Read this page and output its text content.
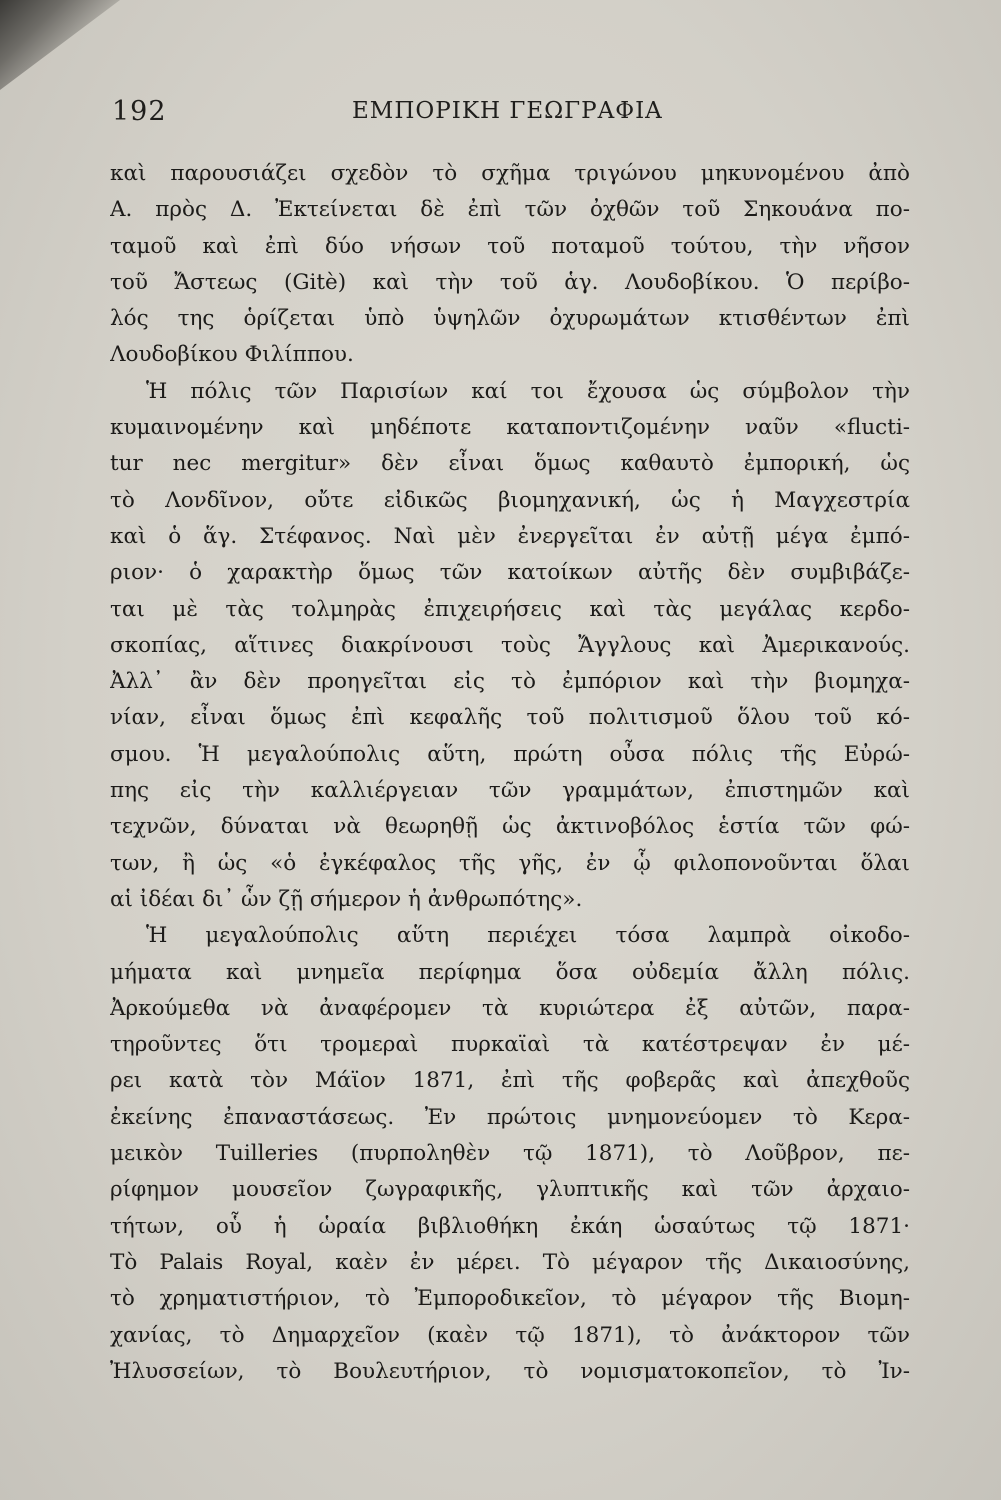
192	ΕΜΠΟΡΙΚΗ ΓΕΩΓΡΑΦΙΑ
καὶ παρουσιάζει σχεδὸν τὸ σχῆμα τριγώνου μηκυνομένου ἀπὸ
Α. πρὸς Δ. Ἐκτείνεται δὲ ἐπὶ τῶν ὀχθῶν τοῦ Σηκουάνα πο-
ταμοῦ καὶ ἐπὶ δύο νήσων τοῦ ποταμοῦ τούτου, τὴν νῆσον
τοῦ Ἄστεως (Gitè) καὶ τὴν τοῦ ἁγ. Λουδοβίκου. Ὁ περίβο-
λός της ὁρίζεται ὑπὸ ὑψηλῶν ὀχυρωμάτων κτισθέντων ἐπὶ
Λουδοβίκου Φιλίππου.
Ἡ πόλις τῶν Παρισίων καί τοι ἔχουσα ὡς σύμβολον τὴν
κυμαινομένην καὶ μηδέποτε καταποντιζομένην ναῦν «flucti-
tur nec mergitur» δὲν εἶναι ὅμως καθαυτὸ ἐμπορική, ὡς
τὸ Λονδῖνον, οὔτε εἰδικῶς βιομηχανική, ὡς ἡ Μαγχεστρία
καὶ ὁ ἅγ. Στέφανος. Ναὶ μὲν ἐνεργεῖται ἐν αὐτῇ μέγα ἐμπό-
ριον· ὁ χαρακτὴρ ὅμως τῶν κατοίκων αὐτῆς δὲν συμβιβάζε-
ται μὲ τὰς τολμηρὰς ἐπιχειρήσεις καὶ τὰς μεγάλας κερδο-
σκοπίας, αἵτινες διακρίνουσι τοὺς Ἄγγλους καὶ Ἀμερικανούς.
Ἀλλ᾽ ἂν δὲν προηγεῖται εἰς τὸ ἐμπόριον καὶ τὴν βιομηχα-
νίαν, εἶναι ὅμως ἐπὶ κεφαλῆς τοῦ πολιτισμοῦ ὅλου τοῦ κό-
σμου. Ἡ μεγαλούπολις αὕτη, πρώτη οὖσα πόλις τῆς Εὐρώ-
πης εἰς τὴν καλλιέργειαν τῶν γραμμάτων, ἐπιστημῶν καὶ
τεχνῶν, δύναται νὰ θεωρηθῇ ὡς ἀκτινοβόλος ἑστία τῶν φώ-
των, ἢ ὡς «ὁ ἐγκέφαλος τῆς γῆς, ἐν ᾧ φιλοπονοῦνται ὅλαι
αἱ ἰδέαι δι᾽ ὧν ζῇ σήμερον ἡ ἀνθρωπότης».
Ἡ μεγαλούπολις αὕτη περιέχει τόσα λαμπρὰ οἰκοδο-
μήματα καὶ μνημεῖα περίφημα ὅσα οὐδεμία ἄλλη πόλις.
Ἀρκούμεθα νὰ ἀναφέρομεν τὰ κυριώτερα ἐξ αὐτῶν, παρα-
τηροῦντες ὅτι τρομεραὶ πυρκαϊαὶ τὰ κατέστρεψαν ἐν μέ-
ρει κατὰ τὸν Μάϊον 1871, ἐπὶ τῆς φοβερᾶς καὶ ἀπεχθοῦς
ἐκείνης ἐπαναστάσεως. Ἐν πρώτοις μνημονεύομεν τὸ Κερα-
μεικὸν Tuilleries (πυρποληθὲν τῷ 1871), τὸ Λοῦβρον, πε-
ρίφημον μουσεῖον ζωγραφικῆς, γλυπτικῆς καὶ τῶν ἀρχαιο-
τήτων, οὗ ἡ ὡραία βιβλιοθήκη ἐκάη ὡσαύτως τῷ 1871·
Τὸ Palais Royal, καὲν ἐν μέρει. Τὸ μέγαρον τῆς Δικαιοσύνης,
τὸ χρηματιστήριον, τὸ Ἐμποροδικεῖον, τὸ μέγαρον τῆς Βιομη-
χανίας, τὸ Δημαρχεῖον (καὲν τῷ 1871), τὸ ἀνάκτορον τῶν
Ἠλυσσείων, τὸ Βουλευτήριον, τὸ νομισματοκοπεῖον, τὸ Ἰν-
